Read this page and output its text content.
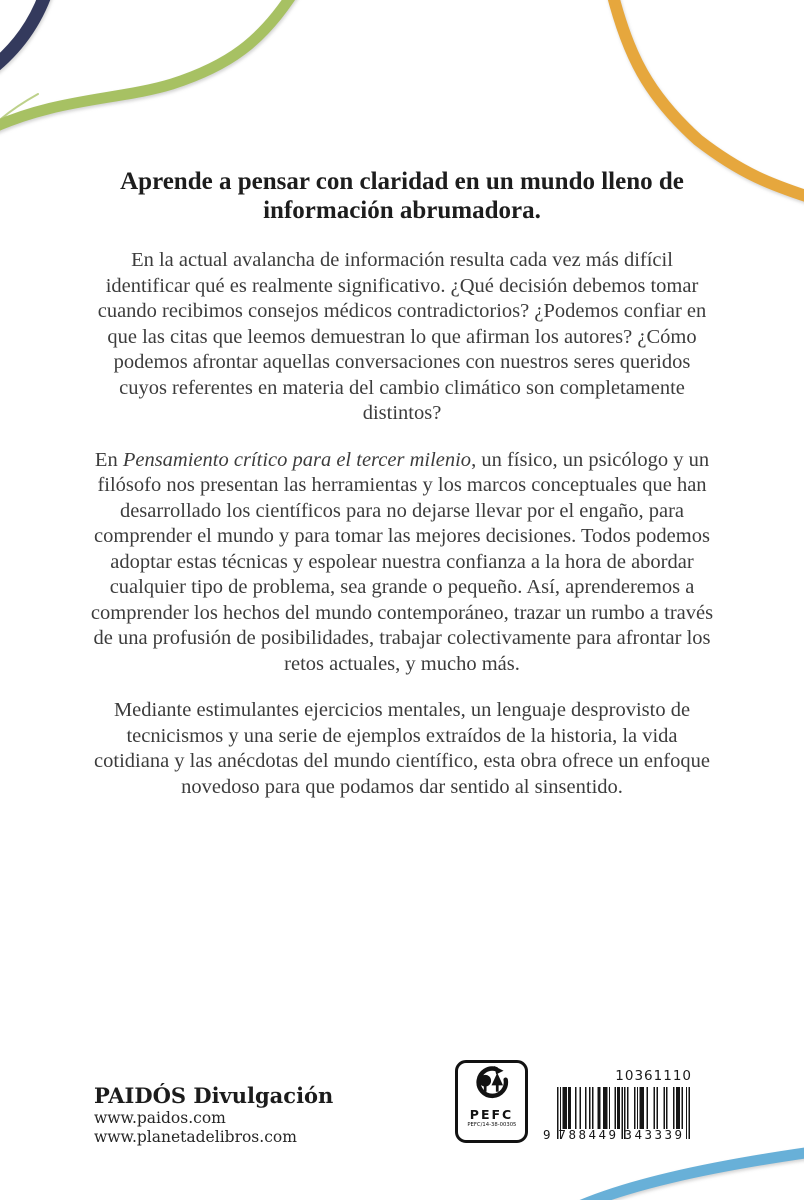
Aprende a pensar con claridad en un mundo lleno de información abrumadora.

En la actual avalancha de información resulta cada vez más difícil identificar qué es realmente significativo. ¿Qué decisión debemos tomar cuando recibimos consejos médicos contradictorios? ¿Podemos confiar en que las citas que leemos demuestran lo que afirman los autores? ¿Cómo podemos afrontar aquellas conversaciones con nuestros seres queridos cuyos referentes en materia del cambio climático son completamente distintos?

En Pensamiento crítico para el tercer milenio, un físico, un psicólogo y un filósofo nos presentan las herramientas y los marcos conceptuales que han desarrollado los científicos para no dejarse llevar por el engaño, para comprender el mundo y para tomar las mejores decisiones. Todos podemos adoptar estas técnicas y espolear nuestra confianza a la hora de abordar cualquier tipo de problema, sea grande o pequeño. Así, aprenderemos a comprender los hechos del mundo contemporáneo, trazar un rumbo a través de una profusión de posibilidades, trabajar colectivamente para afrontar los retos actuales, y mucho más.

Mediante estimulantes ejercicios mentales, un lenguaje desprovisto de tecnicismos y una serie de ejemplos extraídos de la historia, la vida cotidiana y las anécdotas del mundo científico, esta obra ofrece un enfoque novedoso para que podamos dar sentido al sinsentido.

PAIDÓS Divulgación
www.paidos.com
www.planetadelibros.com
PEFC
PEFC/14-38-00305
10361110
9 788449 343339
